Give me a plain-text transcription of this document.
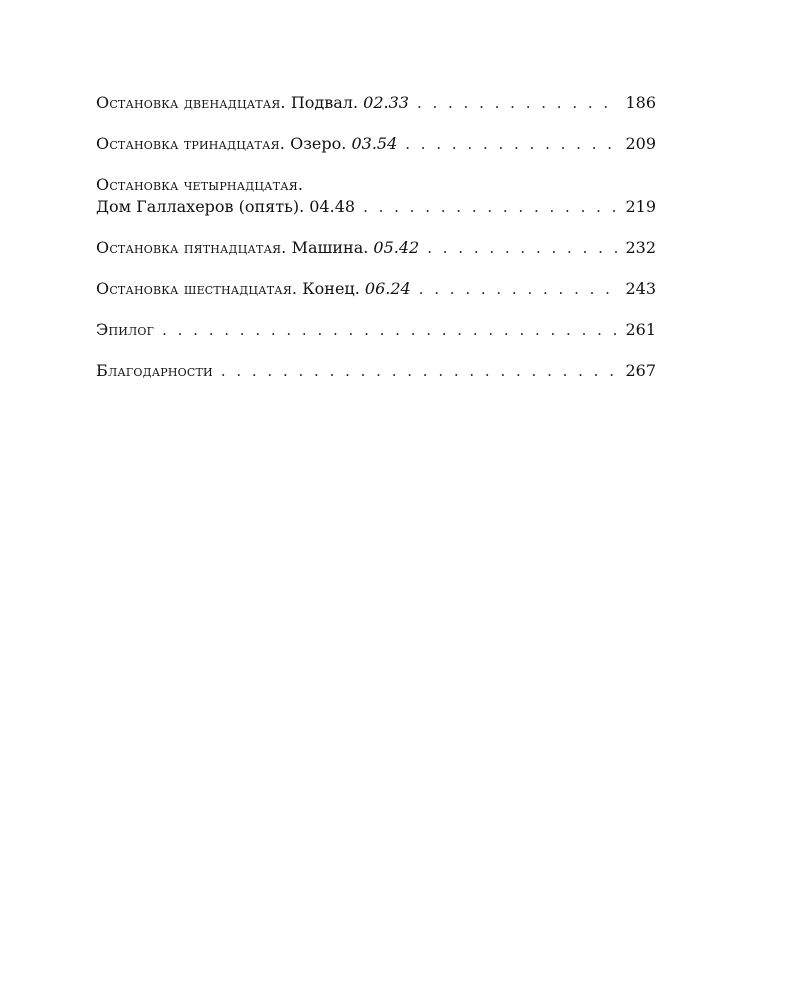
Остановка двенадцатая. Подвал. 02.33 . . .	186
Остановка тринадцатая. Озеро. 03.54 . . .	209
Остановка четырнадцатая.
Дом Галлахеров (опять). 04.48 . . .	219
Остановка пятнадцатая. Машина. 05.42 . . .	232
Остановка шестнадцатая. Конец. 06.24 . . .	243
Эпилог . . .	261
Благодарности . . .	267
